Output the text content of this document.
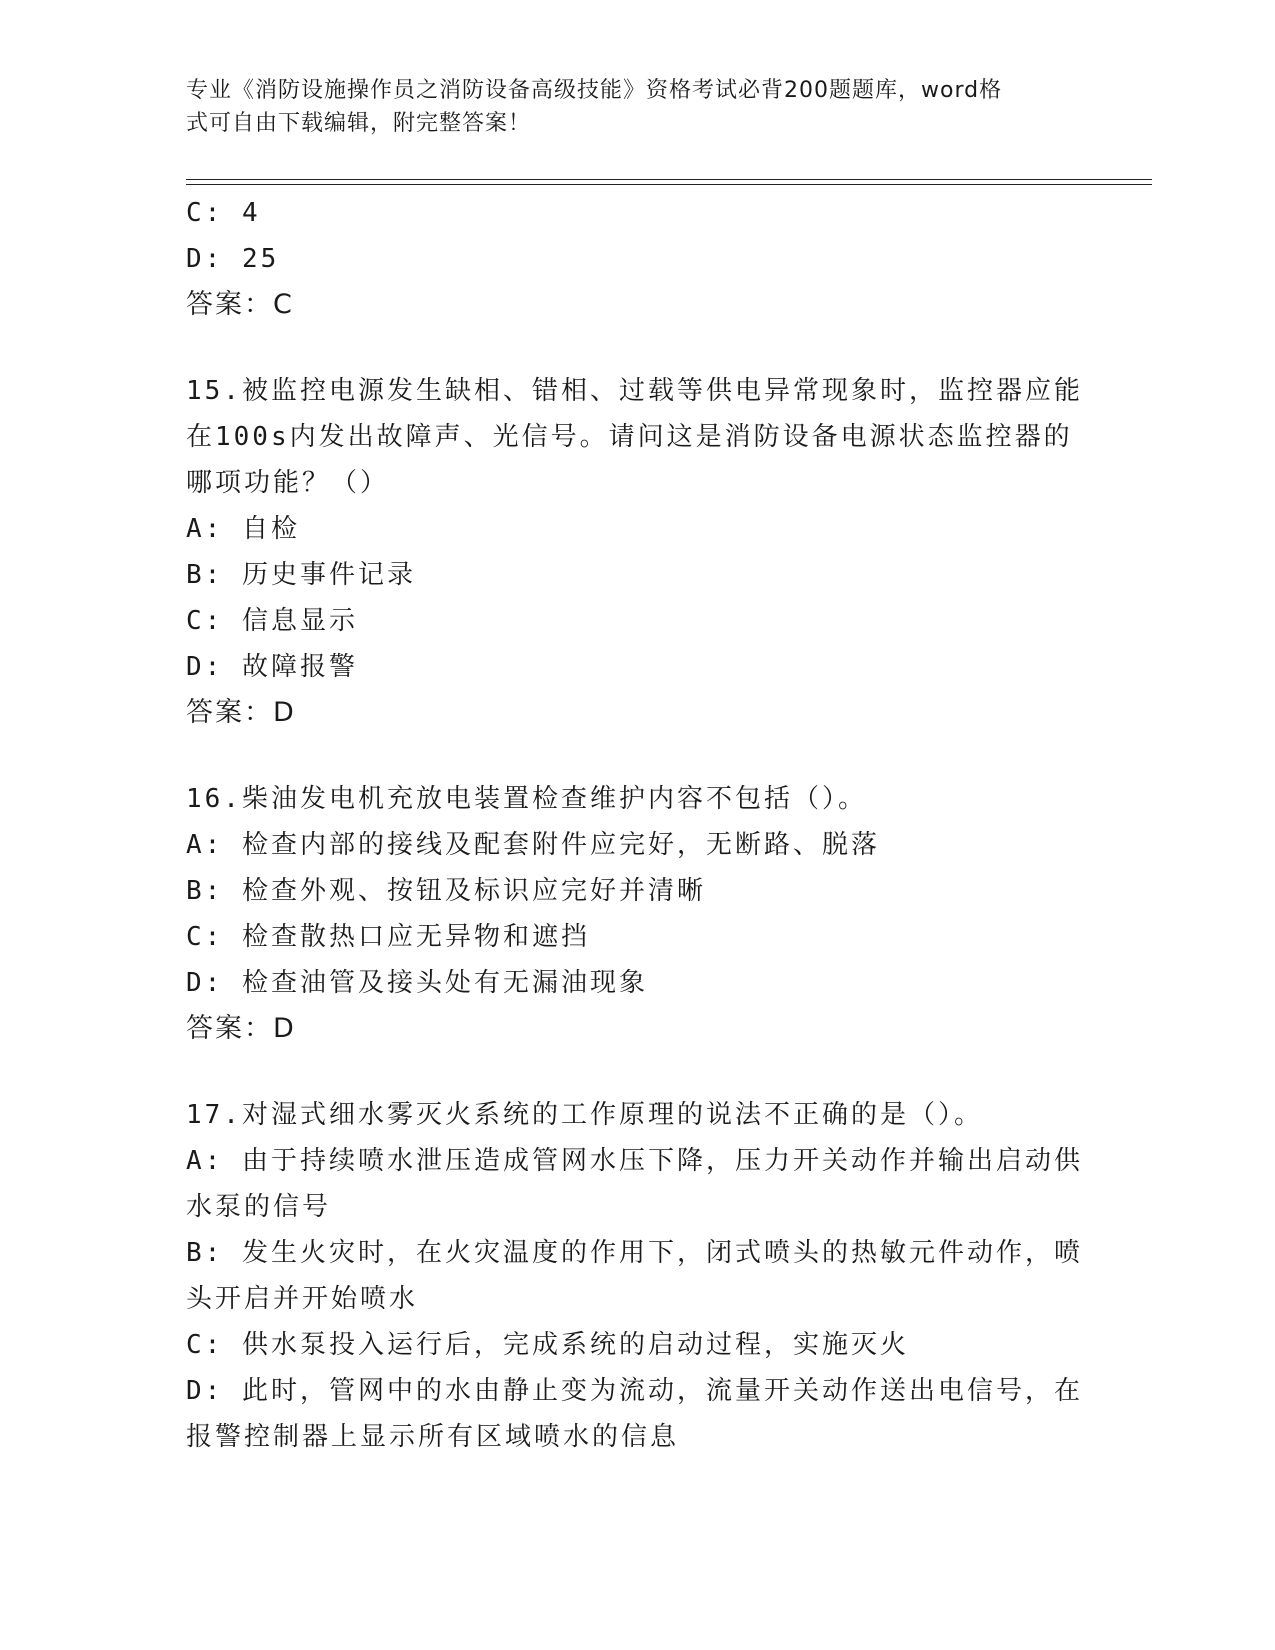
专业《消防设施操作员之消防设备高级技能》资格考试必背200题题库，word格
式可自由下载编辑，附完整答案！
C: 4
D: 25
答案：C
15.被监控电源发生缺相、错相、过载等供电异常现象时，监控器应能
在100s内发出故障声、光信号。请问这是消防设备电源状态监控器的
哪项功能？（）
A: 自检
B: 历史事件记录
C: 信息显示
D: 故障报警
答案：D
16.柴油发电机充放电装置检查维护内容不包括（）。
A: 检查内部的接线及配套附件应完好，无断路、脱落
B: 检查外观、按钮及标识应完好并清晰
C: 检查散热口应无异物和遮挡
D: 检查油管及接头处有无漏油现象
答案：D
17.对湿式细水雾灭火系统的工作原理的说法不正确的是（）。
A: 由于持续喷水泄压造成管网水压下降，压力开关动作并输出启动供
水泵的信号
B: 发生火灾时，在火灾温度的作用下，闭式喷头的热敏元件动作，喷
头开启并开始喷水
C: 供水泵投入运行后，完成系统的启动过程，实施灭火
D: 此时，管网中的水由静止变为流动，流量开关动作送出电信号，在
报警控制器上显示所有区域喷水的信息
